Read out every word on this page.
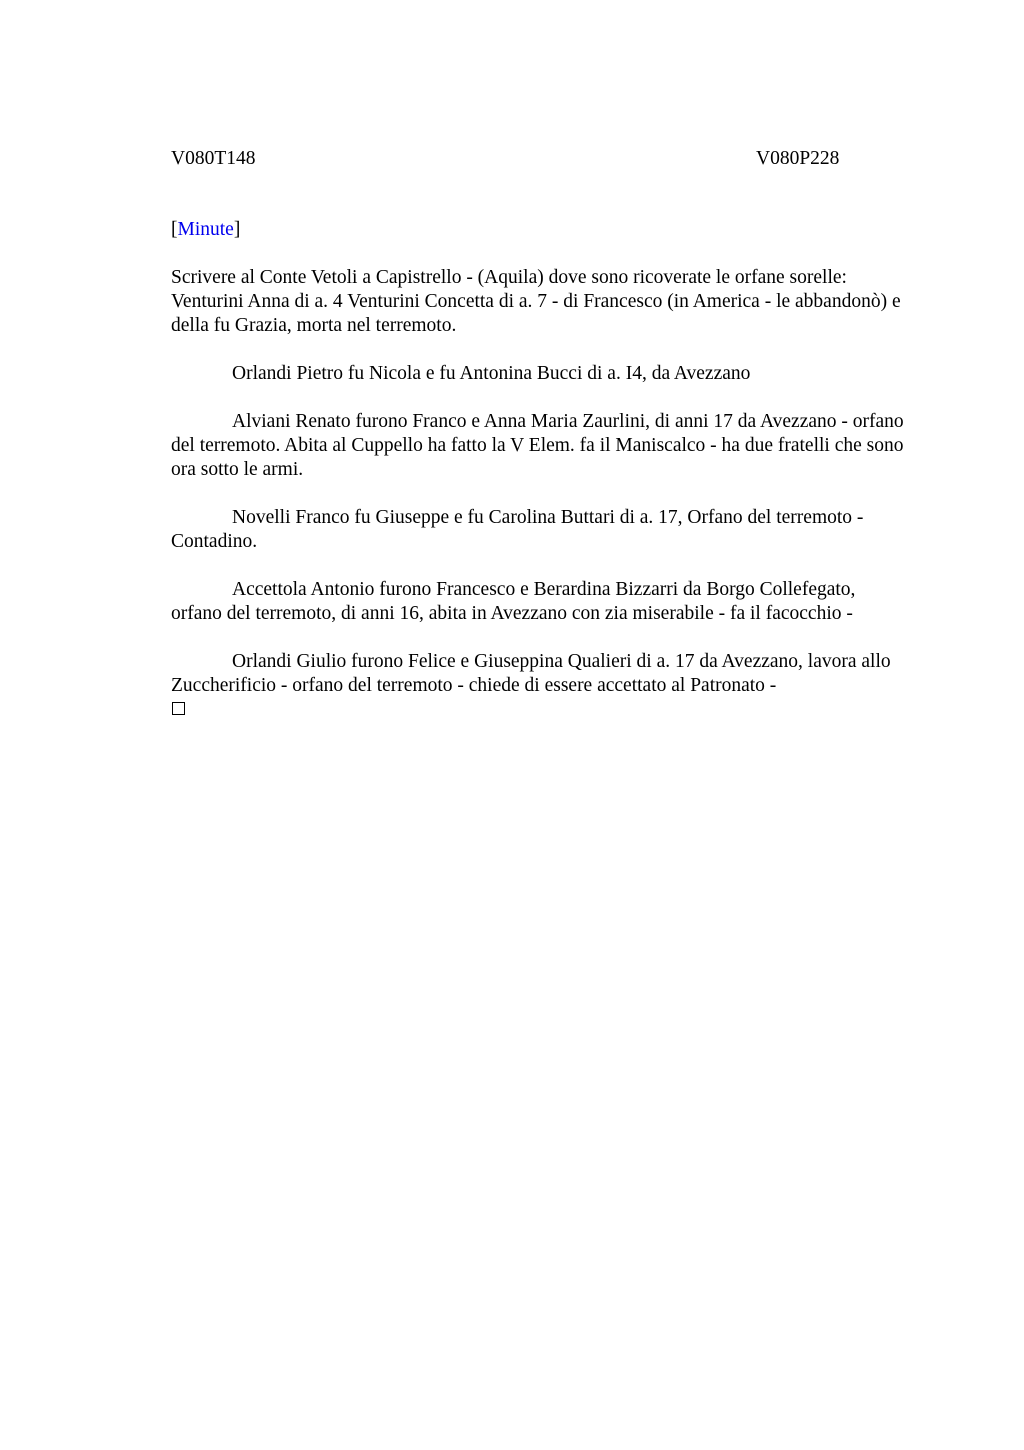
V080T148	V080P228
[Minute]

Scrivere al Conte Vetoli a Capistrello - (Aquila) dove sono ricoverate le orfane sorelle: Venturini Anna di a. 4 Venturini Concetta di a. 7 - di Francesco (in America - le abbandonò) e della fu Grazia, morta nel terremoto.

Orlandi Pietro fu Nicola e fu Antonina Bucci di a. I4, da Avezzano

Alviani Renato furono Franco e Anna Maria Zaurlini, di anni 17 da Avezzano - orfano del terremoto. Abita al Cuppello ha fatto la V Elem. fa il Maniscalco - ha due fratelli che sono ora sotto le armi.

Novelli Franco fu Giuseppe e fu Carolina Buttari di a. 17, Orfano del terremoto - Contadino.

Accettola Antonio furono Francesco e Berardina Bizzarri da Borgo Collefegato, orfano del terremoto, di anni 16, abita in Avezzano con zia miserabile - fa il facocchio -

Orlandi Giulio furono Felice e Giuseppina Qualieri di a. 17 da Avezzano, lavora allo Zuccherificio - orfano del terremoto - chiede di essere accettato al Patronato -
